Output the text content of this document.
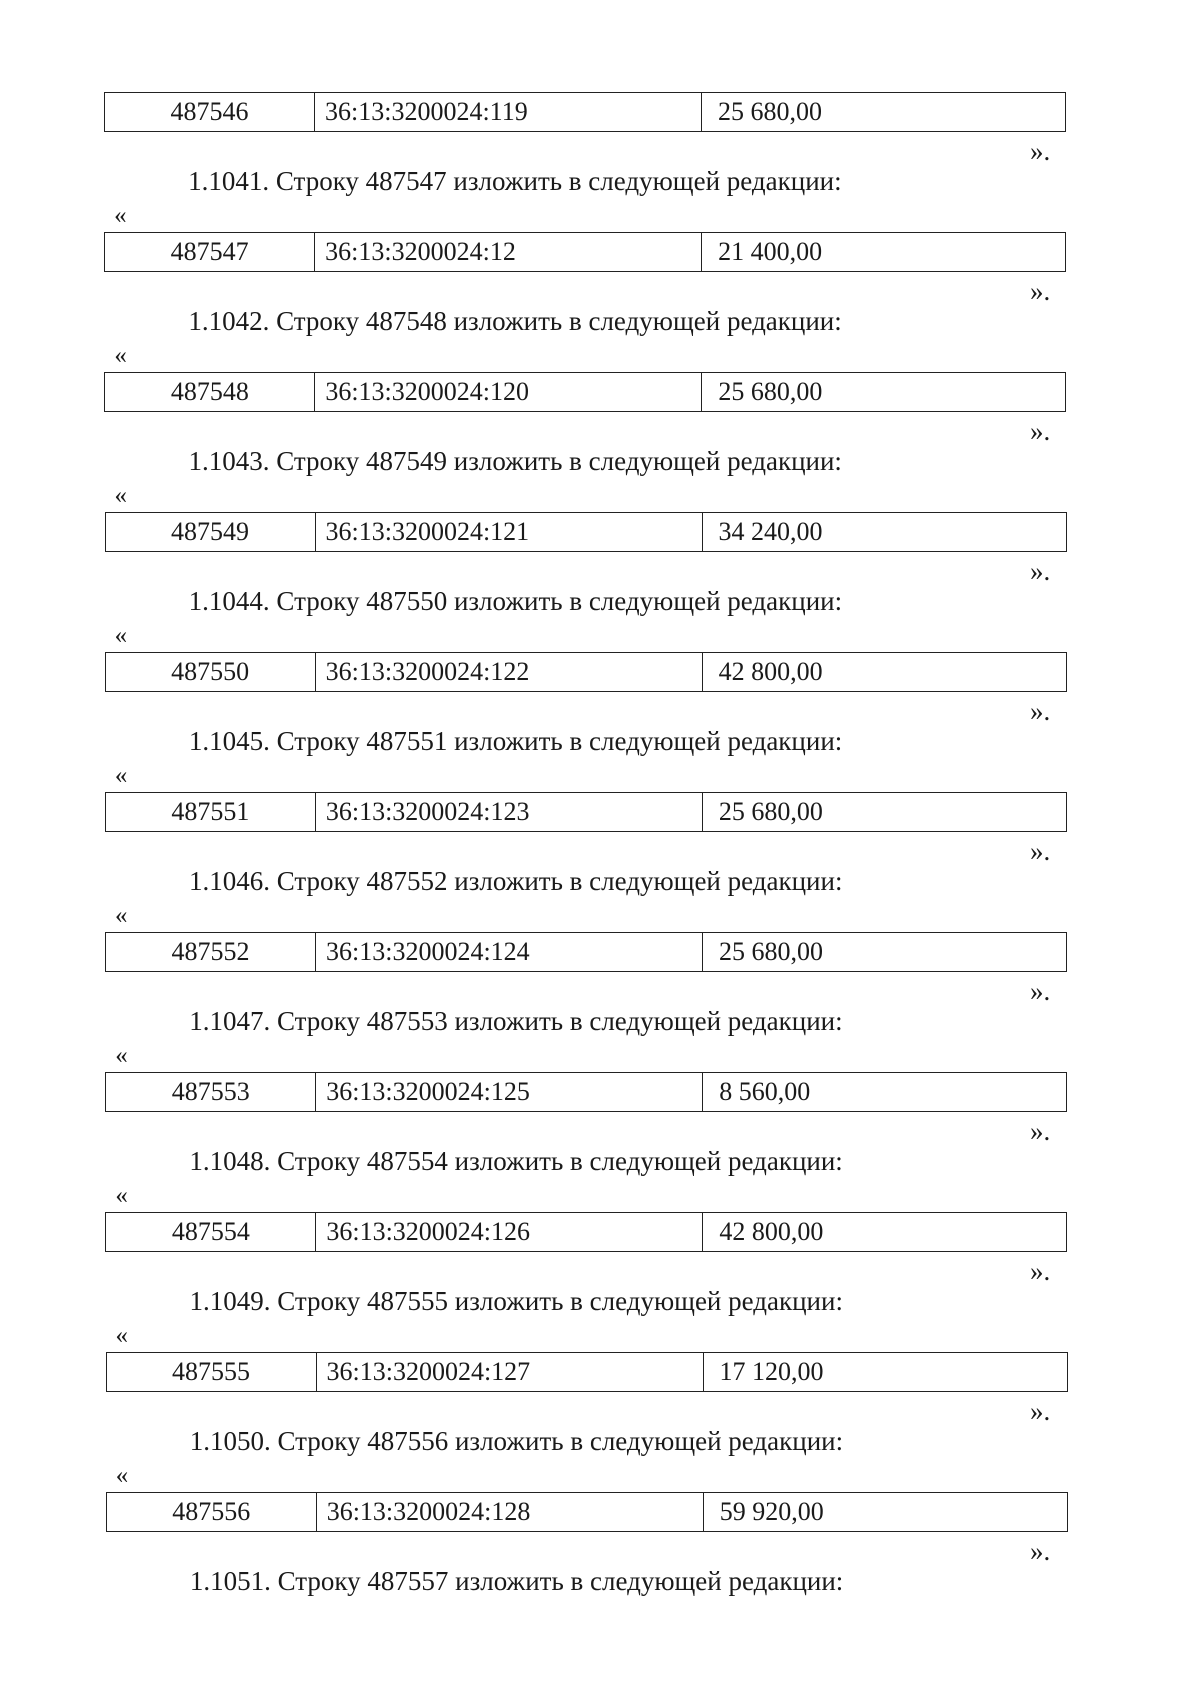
487546	36:13:3200024:119	25 680,00
».
1.1041. Строку 487547 изложить в следующей редакции:
«
487547	36:13:3200024:12	21 400,00
».
1.1042. Строку 487548 изложить в следующей редакции:
«
487548	36:13:3200024:120	25 680,00
».
1.1043. Строку 487549 изложить в следующей редакции:
«
487549	36:13:3200024:121	34 240,00
».
1.1044. Строку 487550 изложить в следующей редакции:
«
487550	36:13:3200024:122	42 800,00
».
1.1045. Строку 487551 изложить в следующей редакции:
«
487551	36:13:3200024:123	25 680,00
».
1.1046. Строку 487552 изложить в следующей редакции:
«
487552	36:13:3200024:124	25 680,00
».
1.1047. Строку 487553 изложить в следующей редакции:
«
487553	36:13:3200024:125	8 560,00
».
1.1048. Строку 487554 изложить в следующей редакции:
«
487554	36:13:3200024:126	42 800,00
».
1.1049. Строку 487555 изложить в следующей редакции:
«
487555	36:13:3200024:127	17 120,00
».
1.1050. Строку 487556 изложить в следующей редакции:
«
487556	36:13:3200024:128	59 920,00
».
1.1051. Строку 487557 изложить в следующей редакции:
